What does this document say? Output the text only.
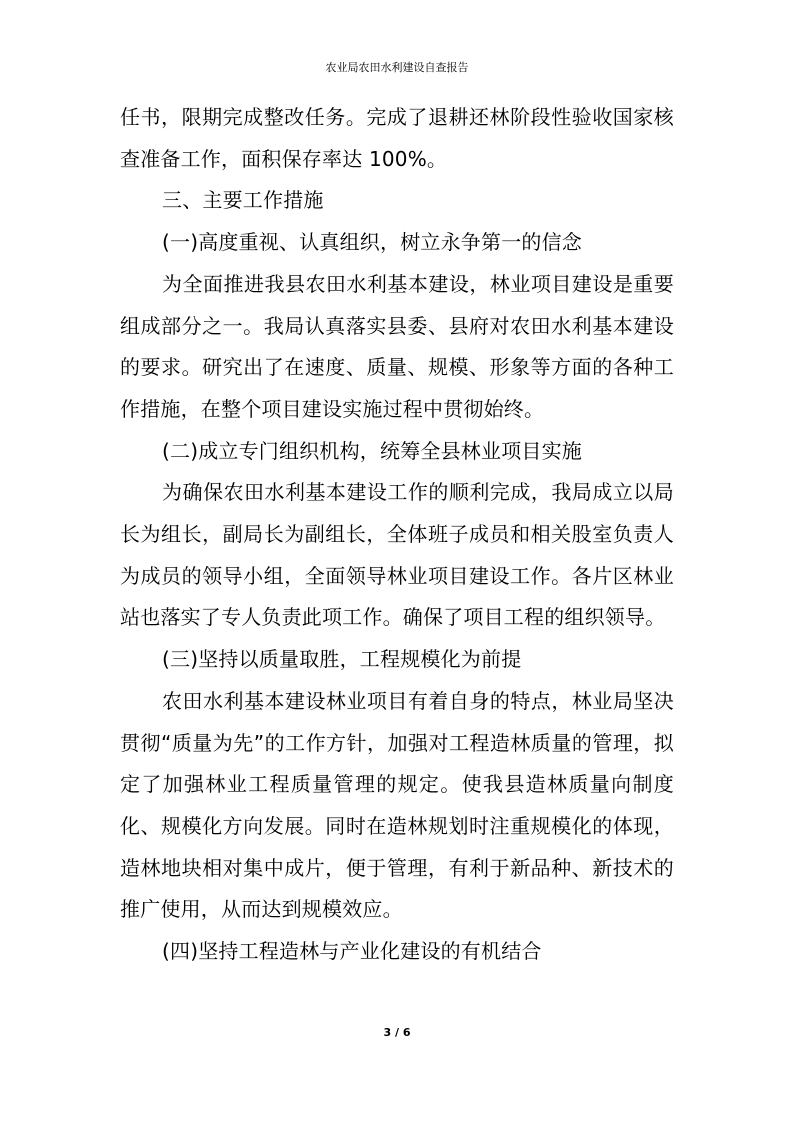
农业局农田水利建设自查报告

任书，限期完成整改任务。完成了退耕还林阶段性验收国家核查准备工作，面积保存率达 100%。

三、主要工作措施

(一)高度重视、认真组织，树立永争第一的信念

为全面推进我县农田水利基本建设，林业项目建设是重要组成部分之一。我局认真落实县委、县府对农田水利基本建设的要求。研究出了在速度、质量、规模、形象等方面的各种工作措施，在整个项目建设实施过程中贯彻始终。

(二)成立专门组织机构，统筹全县林业项目实施

为确保农田水利基本建设工作的顺利完成，我局成立以局长为组长，副局长为副组长，全体班子成员和相关股室负责人为成员的领导小组，全面领导林业项目建设工作。各片区林业站也落实了专人负责此项工作。确保了项目工程的组织领导。

(三)坚持以质量取胜，工程规模化为前提

农田水利基本建设林业项目有着自身的特点，林业局坚决贯彻“质量为先”的工作方针，加强对工程造林质量的管理，拟定了加强林业工程质量管理的规定。使我县造林质量向制度化、规模化方向发展。同时在造林规划时注重规模化的体现，造林地块相对集中成片，便于管理，有利于新品种、新技术的推广使用，从而达到规模效应。

(四)坚持工程造林与产业化建设的有机结合

3 / 6
